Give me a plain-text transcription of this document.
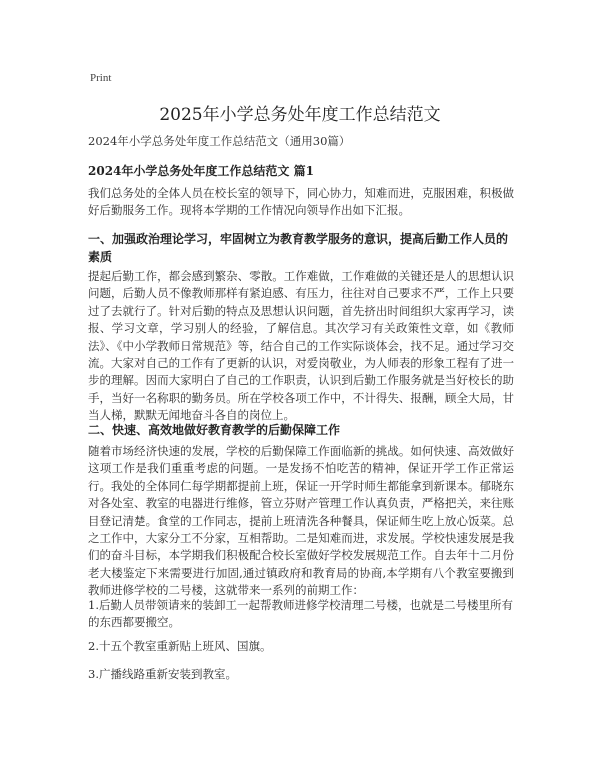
Print
2025年小学总务处年度工作总结范文

2024年小学总务处年度工作总结范文（通用30篇）

2024年小学总务处年度工作总结范文 篇1

我们总务处的全体人员在校长室的领导下，同心协力，知难而进，克服困难，积极做好后勤服务工作。现将本学期的工作情况向领导作出如下汇报。

一、加强政治理论学习，牢固树立为教育教学服务的意识，提高后勤工作人员的素质

提起后勤工作，都会感到繁杂、零散。工作难做，工作难做的关键还是人的思想认识问题，后勤人员不像教师那样有紧迫感、有压力，往往对自己要求不严，工作上只要过了去就行了。针对后勤的特点及思想认识问题，首先挤出时间组织大家再学习，读报、学习文章，学习别人的经验，了解信息。其次学习有关政策性文章，如《教师法》、《中小学教师日常规范》等，结合自己的工作实际谈体会，找不足。通过学习交流。大家对自己的工作有了更新的认识，对爱岗敬业，为人师表的形象工程有了进一步的理解。因而大家明白了自己的工作职责，认识到后勤工作服务就是当好校长的助手，当好一名称职的勤务员。所在学校各项工作中，不计得失、报酬，顾全大局，甘当人梯，默默无闻地奋斗各自的岗位上。

二、快速、高效地做好教育教学的后勤保障工作

随着市场经济快速的发展，学校的后勤保障工作面临新的挑战。如何快速、高效做好这项工作是我们重重考虑的问题。一是发扬不怕吃苦的精神，保证开学工作正常运行。我处的全体同仁每学期都提前上班，保证一开学时师生都能拿到新课本。郁晓东对各处室、教室的电器进行维修，管立芬财产管理工作认真负责，严格把关，来往账目登记清楚。食堂的工作同志，提前上班清洗各种餐具，保证师生吃上放心饭菜。总之工作中，大家分工不分家，互相帮助。二是知难而进，求发展。学校快速发展是我们的奋斗目标，本学期我们积极配合校长室做好学校发展规范工作。自去年十二月份老大楼鉴定下来需要进行加固,通过镇政府和教育局的协商,本学期有八个教室要搬到教师进修学校的二号楼，这就带来一系列的前期工作：

1.后勤人员带领请来的装卸工一起帮教师进修学校清理二号楼，也就是二号楼里所有的东西都要搬空。

2.十五个教室重新贴上班风、国旗。

3.广播线路重新安装到教室。
